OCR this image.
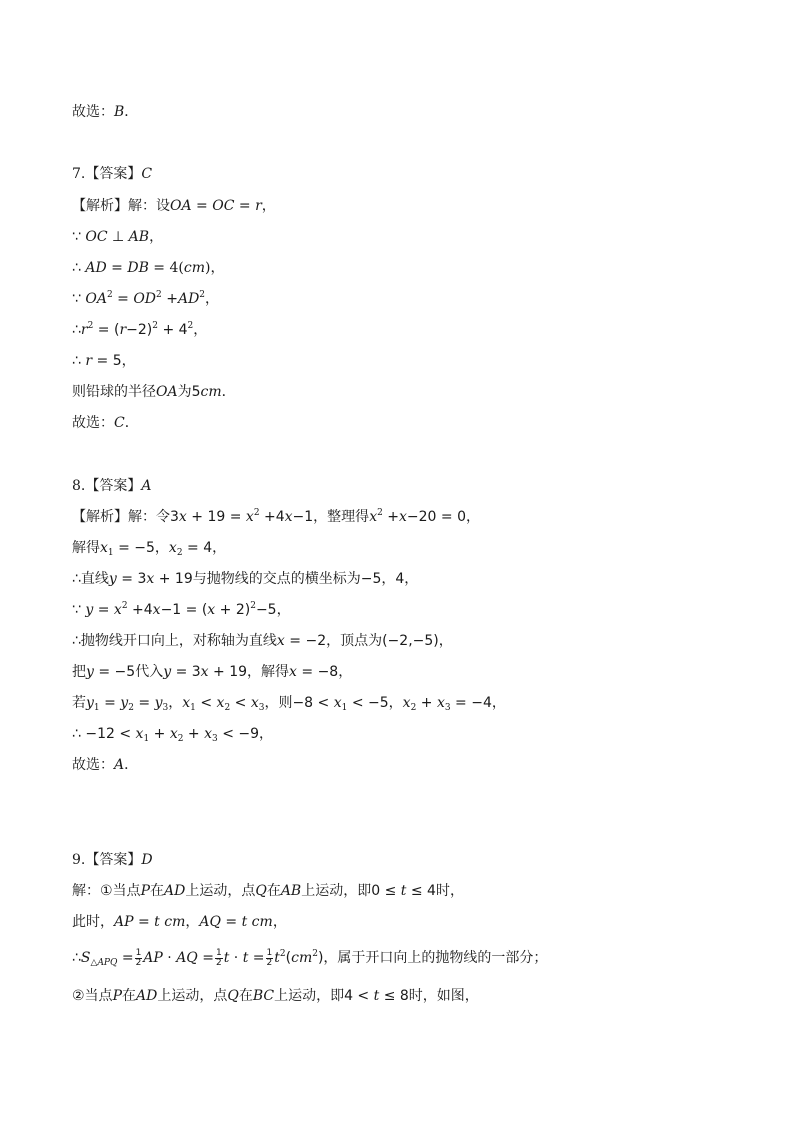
故选：B．
7.【答案】C
【解析】解：设OA = OC = r，
∵ OC ⊥ AB，
∴ AD = DB = 4(cm)，
∵ $OA^2 = OD^2 +AD^2$，
$\therefore r^2 = (r-2)^2 + 4^2$，
∴ r = 5，
则铅球的半径OA为5cm．
故选：C．
8.【答案】A
【解析】解：令$3x + 19 = x^2 +4x-1$，整理得$x^2 +x-20 = 0$，
解得$x_1 = -5$，$x_2 = 4$，
∴直线y = 3x + 19与抛物线的交点的横坐标为−5，4，
∵ $y = x^2 +4x-1 = (x + 2)^2-5$，
∴抛物线开口向上，对称轴为直线x = −2，顶点为(−2,−5)，
把y = −5代入y = 3x + 19，解得x = −8，
若$y_1 = y_2 = y_3$，$x_1 < x_2 < x_3$，则$-8 < x_1 < -5$，$x_2 + x_3 = -4$，
∴ $-12 < x_1 + x_2 + x_3 < -9$，
故选：A．
9.【答案】D
解：①当点P在AD上运动，点Q在AB上运动，即0 ≤ t ≤ 4时，
此时，AP = t cm，AQ = t cm，
$\therefore S_{\triangle APQ} = \frac{1}{2}$ AP · AQ = $\frac{1}{2}$ $t \cdot t = \frac{1}{2} t^2(cm^2)$，属于开口向上的抛物线的一部分；
②当点P在AD上运动，点Q在BC上运动，即4 < t ≤ 8时，如图，
